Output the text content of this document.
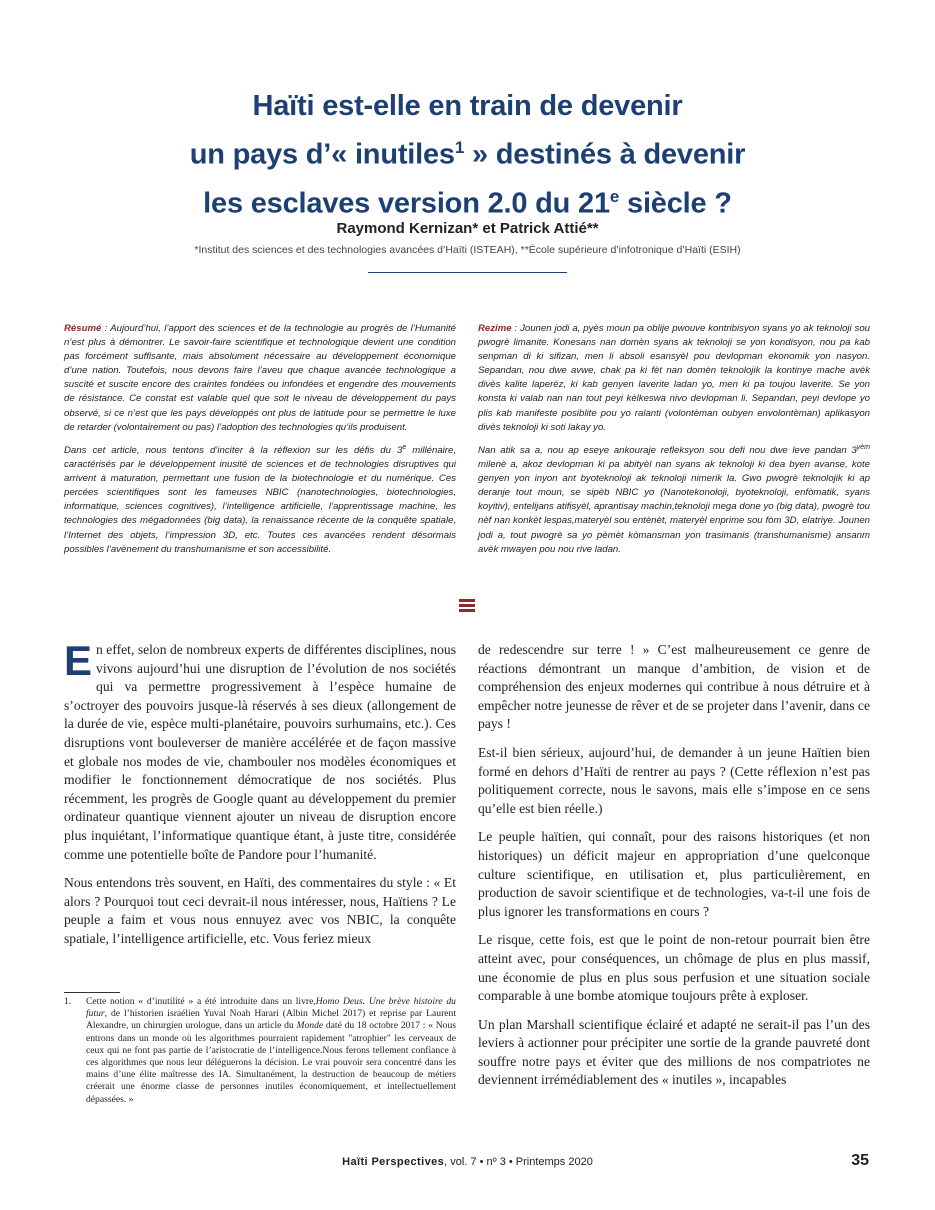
Haïti est-elle en train de devenir
un pays d’« inutiles$^1$ » destinés à devenir
les esclaves version 2.0 du 21e siècle ?
Raymond Kernizan* et Patrick Attié**
*Institut des sciences et des technologies avancées d’Haïti (ISTEAH), **École supérieure d’infotronique d’Haïti (ESIH)

Résumé : Aujourd’hui, l’apport des sciences et de la technologie au progrès de l’Humanité n’est plus à démontrer. Le savoir-faire scientifique et technologique devient une condition pas forcément suffisante, mais absolument nécessaire au développement économique d’une nation. Toutefois, nous devons faire l’aveu que chaque avancée technologique a suscité et suscite encore des craintes fondées ou infondées et engendre des mouvements de résistance. Ce constat est valable quel que soit le niveau de développement du pays observé, si ce n’est que les pays développés ont plus de latitude pour se permettre le luxe de retarder (volontairement ou pas) l’adoption des technologies qu’ils produisent.

Dans cet article, nous tentons d’inciter à la réflexion sur les défis du 3e millénaire, caractérisés par le développement inusité de sciences et de technologies disruptives qui arrivent à maturation, permettant une fusion de la biotechnologie et du numérique. Ces percées scientifiques sont les fameuses NBIC (nanotechnologies, biotechnologies, informatique, sciences cognitives), l’intelligence artificielle, l’apprentissage machine, les technologies des mégadonnées (big data), la renaissance récente de la conquête spatiale, l’Internet des objets, l’impression 3D, etc. Toutes ces avancées rendent désormais possibles l’avènement du transhumanisme et son accessibilité.

Rezime : Jounen jodi a, pyès moun pa oblije pwouve kontribisyon syans yo ak teknoloji sou pwogrè limanite. Konesans nan domèn syans ak teknoloji se yon kondisyon, nou pa kab senpman di ki sifizan, men li absoli esansyèl pou devlopman ekonomik yon nasyon. Sepandan, nou dwe avwe, chak pa ki fèt nan domèn teknolojik la kontinye mache avèk divès kalite laperèz, ki kab genyen laverite ladan yo, men ki pa toujou laverite. Se yon konsta ki valab nan nan tout peyi kèlkeswa nivo devlopman li. Sepandan, peyi devlope yo plis kab manifeste posiblite pou yo ralanti (volontèman oubyen envolontèman) aplikasyon divès teknoloji ki soti lakay yo.

Nan atik sa a, nou ap eseye ankouraje refleksyon sou defi nou dwe leve pandan $3^{yèm}$ milenè a, akoz devlopman ki pa abityèl nan syans ak teknoloji ki dea byen avanse, kote genyen yon inyon ant byoteknoloji ak teknoloji nimerik la. Gwo pwogrè teknolojik ki ap deranje tout moun, se sipèb NBIC yo (Nanotekonoloji, byoteknoloji, enfòmatik, syans koyitiv), entelijans atifisyèl, aprantisay machin,teknoloji mega done yo (big data), pwogrè tou nèf nan konkèt lespas,materyèl sou entènèt, materyèl enprime sou fòm 3D, elatriye. Jounen jodi a, tout pwogrè sa yo pèmèt kòmansman yon trasimanis (transhumanisme) ansanm avèk mwayen pou nou rive ladan.

En effet, selon de nombreux experts de différentes disciplines, nous vivons aujourd’hui une disruption de l’évolution de nos sociétés qui va permettre progressivement à l’espèce humaine de s’octroyer des pouvoirs jusque-là réservés à ses dieux (allongement de la durée de vie, espèce multi-planétaire, pouvoirs surhumains, etc.). Ces disruptions vont bouleverser de manière accélérée et de façon massive et globale nos modes de vie, chambouler nos modèles économiques et modifier le fonctionnement démocratique de nos sociétés. Plus récemment, les progrès de Google quant au développement du premier ordinateur quantique viennent ajouter un niveau de disruption encore plus inquiétant, l’informatique quantique étant, à juste titre, considérée comme une potentielle boîte de Pandore pour l’humanité.

Nous entendons très souvent, en Haïti, des commentaires du style : « Et alors ? Pourquoi tout ceci devrait-il nous intéresser, nous, Haïtiens ? Le peuple a faim et vous nous ennuyez avec vos NBIC, la conquête spatiale, l’intelligence artificielle, etc. Vous feriez mieux

de redescendre sur terre ! » C’est malheureusement ce genre de réactions démontrant un manque d’ambition, de vision et de compréhension des enjeux modernes qui contribue à nous détruire et à empêcher notre jeunesse de rêver et de se projeter dans l’avenir, dans ce pays !

Est-il bien sérieux, aujourd’hui, de demander à un jeune Haïtien bien formé en dehors d’Haïti de rentrer au pays ? (Cette réflexion n’est pas politiquement correcte, nous le savons, mais elle s’impose en ce sens qu’elle est bien réelle.)

Le peuple haïtien, qui connaît, pour des raisons historiques (et non historiques) un déficit majeur en appropriation d’une quelconque culture scientifique, en utilisation et, plus particulièrement, en production de savoir scientifique et de technologies, va-t-il une fois de plus ignorer les transformations en cours ?

Le risque, cette fois, est que le point de non-retour pourrait bien être atteint avec, pour conséquences, un chômage de plus en plus massif, une économie de plus en plus sous perfusion et une situation sociale comparable à une bombe atomique toujours prête à exploser.

Un plan Marshall scientifique éclairé et adapté ne serait-il pas l’un des leviers à actionner pour précipiter une sortie de la grande pauvreté dont souffre notre pays et éviter que des millions de nos compatriotes ne deviennent irrémédiablement des « inutiles », incapables

1. Cette notion « d’inutilité » a été introduite dans un livre,Homo Deus. Une brève histoire du futur, de l’historien israélien Yuval Noah Harari (Albin Michel 2017) et reprise par Laurent Alexandre, un chirurgien urologue, dans un article du Monde daté du 18 octobre 2017 : « Nous entrons dans un monde où les algorithmes pourraient rapidement "atrophier" les cerveaux de ceux qui ne font pas partie de l’aristocratie de l’intelligence.Nous ferons tellement confiance à ces algorithmes que nous leur déléguerons la décision. Le vrai pouvoir sera concentré dans les mains d’une élite maîtresse des IA. Simultanément, la destruction de beaucoup de métiers créerait une énorme classe de personnes inutiles économiquement, et intellectuellement dépassées. »
Haïti Perspectives, vol. 7 • nº 3 • Printemps 2020	35
